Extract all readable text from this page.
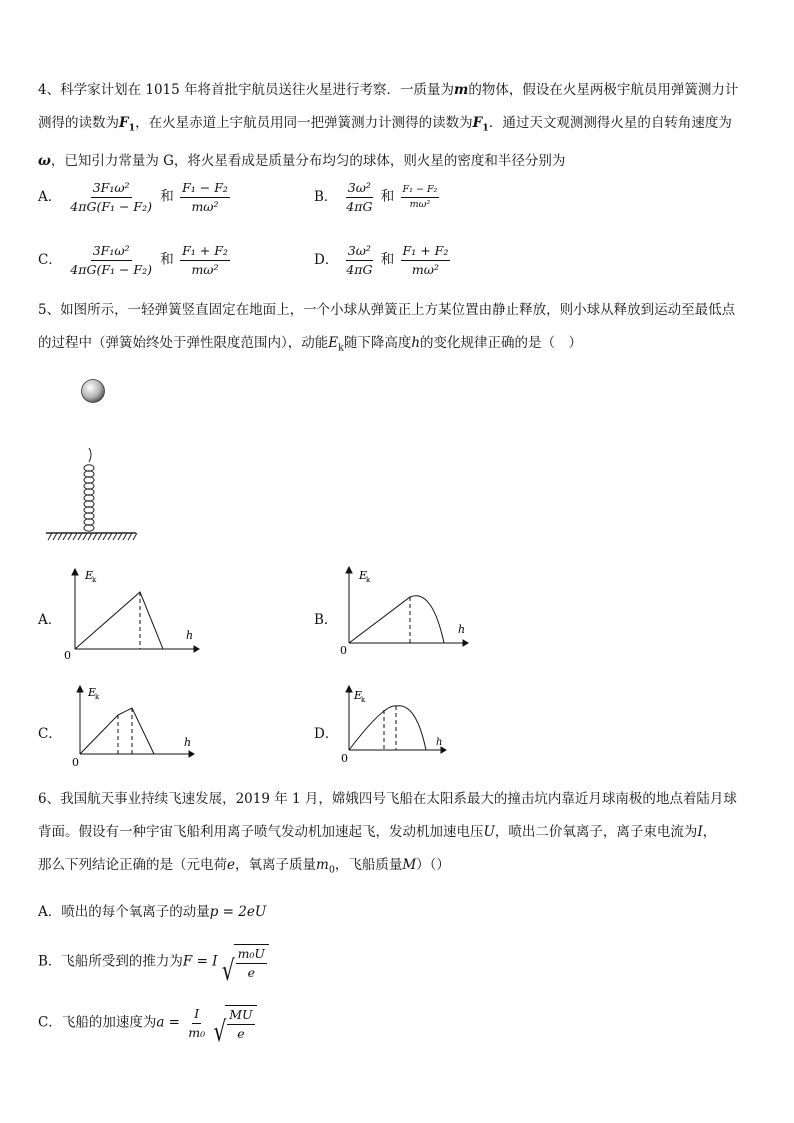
4、科学家计划在 1015 年将首批宇航员送往火星进行考察．一质量为m的物体，假设在火星两极宇航员用弹簧测力计
测得的读数为$F_1$，在火星赤道上宇航员用同一把弹簧测力计测得的读数为$F_1$．通过天文观测测得火星的自转角速度为
ω，已知引力常量为 G，将火星看成是质量分布均匀的球体，则火星的密度和半径分别为
A． $\frac{\text{3F₁ω²}}{\text{4πG(F₁ − F₂)}}$ 和 $\frac{\text{F₁ − F₂}}{\text{mω²}}$	B． $\frac{\text{3ω²}}{4\pi G}$ 和 $\frac{\text{F₁ − F₂}}{\text{mω²}}$
C． $\frac{\text{3F₁ω²}}{\text{4πG(F₁ − F₂)}}$ 和 $\frac{\text{F₁ + F₂}}{\text{mω²}}$	D． $\frac{\text{3ω²}}{4\pi G}$ 和 $\frac{\text{F₁ + F₂}}{\text{mω²}}$
5、如图所示，一轻弹簧竖直固定在地面上，一个小球从弹簧正上方某位置由静止释放，则小球从释放到运动至最低点
的过程中（弹簧始终处于弹性限度范围内），动能$E_k$随下降高度h的变化规律正确的是（　）
A．
E
k
h
0
B．
E
k
h
0
C．
E
k
h
0
D．
E
k
h
0
6、我国航天事业持续飞速发展，2019 年 1 月，嫦娥四号飞船在太阳系最大的撞击坑内靠近月球南极的地点着陆月球
背面。假设有一种宇宙飞船利用离子喷气发动机加速起飞，发动机加速电压U，喷出二价氧离子，离子束电流为I，
那么下列结论正确的是（元电荷e，氧离子质量$m_0$，飞船质量M）（）
A．喷出的每个氧离子的动量p = 2eU
B．飞船所受到的推力为F = I √ $\frac{\text{m₀U}}{e}$
C．飞船的加速度为$a = \frac{I}{\text{m₀}}$
√ $\frac{MU}{e}$
